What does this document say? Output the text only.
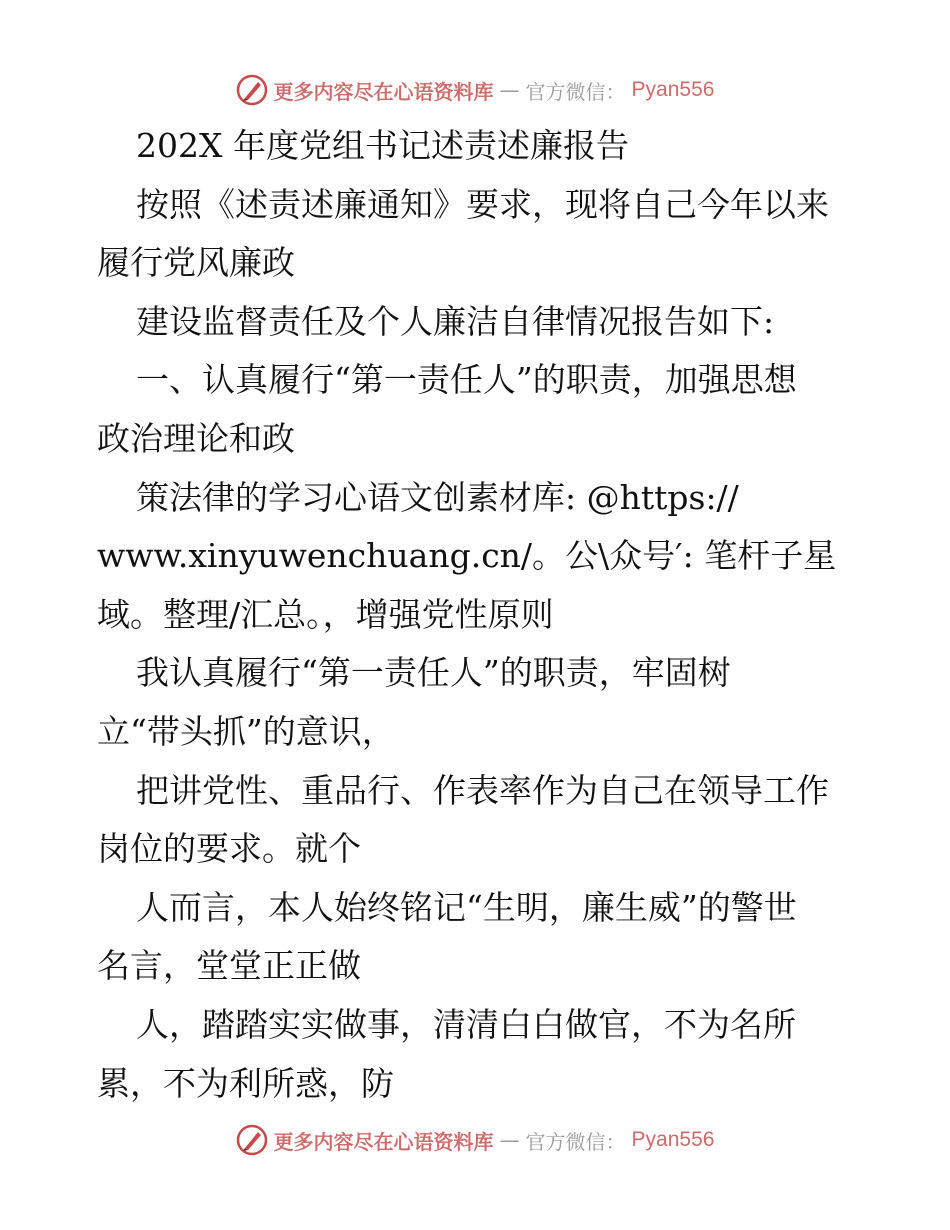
更多内容尽在心语资料库 — 官方微信： Pyan556
202X 年度党组书记述责述廉报告
按照《述责述廉通知》要求，现将自己今年以来
履行党风廉政
建设监督责任及个人廉洁自律情况报告如下:
一、认真履行“第一责任人”的职责，加强思想
政治理论和政
策法律的学习心语文创素材库: @https://
www.xinyuwenchuang.cn/。公\众号′: 笔杆子星
域。整理/汇总。，增强党性原则
我认真履行“第一责任人”的职责，牢固树
立“带头抓”的意识，
把讲党性、重品行、作表率作为自己在领导工作
岗位的要求。就个
人而言，本人始终铭记“生明，廉生威”的警世
名言，堂堂正正做
人，踏踏实实做事，清清白白做官，不为名所
累，不为利所惑，防
更多内容尽在心语资料库 — 官方微信： Pyan556
